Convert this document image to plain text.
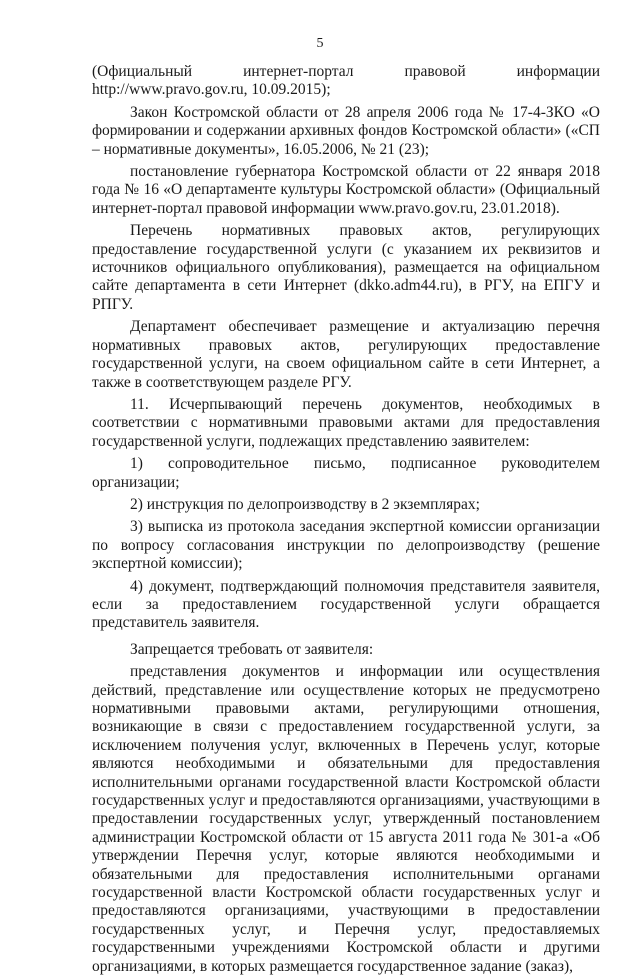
5

(Официальный интернет-портал правовой информации http://www.pravo.gov.ru, 10.09.2015);

Закон Костромской области от 28 апреля 2006 года № 17-4-ЗКО «О формировании и содержании архивных фондов Костромской области» («СП – нормативные документы», 16.05.2006, № 21 (23);

постановление губернатора Костромской области от 22 января 2018 года № 16 «О департаменте культуры Костромской области» (Официальный интернет-портал правовой информации www.pravo.gov.ru, 23.01.2018).

Перечень нормативных правовых актов, регулирующих предоставление государственной услуги (с указанием их реквизитов и источников официального опубликования), размещается на официальном сайте департамента в сети Интернет (dkko.adm44.ru), в РГУ, на ЕПГУ и РПГУ.

Департамент обеспечивает размещение и актуализацию перечня нормативных правовых актов, регулирующих предоставление государственной услуги, на своем официальном сайте в сети Интернет, а также в соответствующем разделе РГУ.

11. Исчерпывающий перечень документов, необходимых в соответствии с нормативными правовыми актами для предоставления государственной услуги, подлежащих представлению заявителем:

1) сопроводительное письмо, подписанное руководителем организации;

2) инструкция по делопроизводству в 2 экземплярах;

3) выписка из протокола заседания экспертной комиссии организации по вопросу согласования инструкции по делопроизводству (решение экспертной комиссии);

4) документ, подтверждающий полномочия представителя заявителя, если за предоставлением государственной услуги обращается представитель заявителя.

Запрещается требовать от заявителя:

представления документов и информации или осуществления действий, представление или осуществление которых не предусмотрено нормативными правовыми актами, регулирующими отношения, возникающие в связи с предоставлением государственной услуги, за исключением получения услуг, включенных в Перечень услуг, которые являются необходимыми и обязательными для предоставления исполнительными органами государственной власти Костромской области государственных услуг и предоставляются организациями, участвующими в предоставлении государственных услуг, утвержденный постановлением администрации Костромской области от 15 августа 2011 года № 301-а «Об утверждении Перечня услуг, которые являются необходимыми и обязательными для предоставления исполнительными органами государственной власти Костромской области государственных услуг и предоставляются организациями, участвующими в предоставлении государственных услуг, и Перечня услуг, предоставляемых государственными учреждениями Костромской области и другими организациями, в которых размещается государственное задание (заказ),
